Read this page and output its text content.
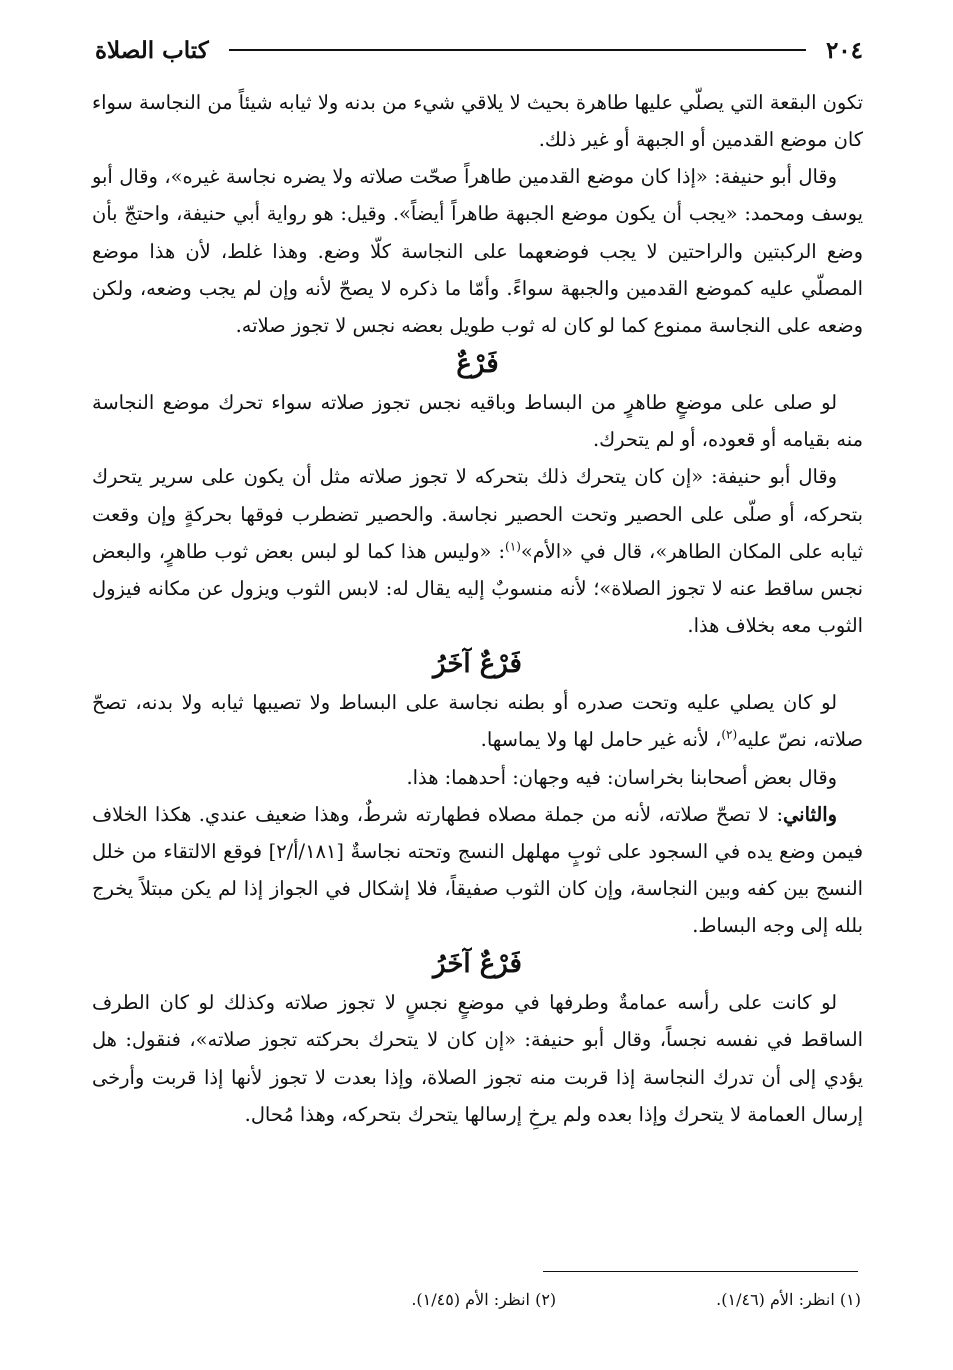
٢٠٤
كتاب الصلاة

تكون البقعة التي يصلّي عليها طاهرة بحيث لا يلاقي شيء من بدنه ولا ثيابه شيئاً من النجاسة سواء كان موضع القدمين أو الجبهة أو غير ذلك.

وقال أبو حنيفة: «إذا كان موضع القدمين طاهراً صحّت صلاته ولا يضره نجاسة غيره»، وقال أبو يوسف ومحمد: «يجب أن يكون موضع الجبهة طاهراً أيضاً». وقيل: هو رواية أبي حنيفة، واحتجّ بأن وضع الركبتين والراحتين لا يجب فوضعهما على النجاسة كلّا وضع. وهذا غلط، لأن هذا موضع المصلّي عليه كموضع القدمين والجبهة سواءً. وأمّا ما ذكره لا يصحّ لأنه وإن لم يجب وضعه، ولكن وضعه على النجاسة ممنوع كما لو كان له ثوب طويل بعضه نجس لا تجوز صلاته.

فَرْعٌ

لو صلى على موضعٍ طاهرٍ من البساط وباقيه نجس تجوز صلاته سواء تحرك موضع النجاسة منه بقيامه أو قعوده، أو لم يتحرك.

وقال أبو حنيفة: «إن كان يتحرك ذلك بتحركه لا تجوز صلاته مثل أن يكون على سرير يتحرك بتحركه، أو صلّى على الحصير وتحت الحصير نجاسة. والحصير تضطرب فوقها بحركةٍ وإن وقعت ثيابه على المكان الطاهر»، قال في «الأم»$^{(١)}$: «وليس هذا كما لو لبس بعض ثوب طاهرٍ، والبعض نجس ساقط عنه لا تجوز الصلاة»؛ لأنه منسوبٌ إليه يقال له: لابس الثوب ويزول عن مكانه فيزول الثوب معه بخلاف هذا.

فَرْعٌ آخَرُ

لو كان يصلي عليه وتحت صدره أو بطنه نجاسة على البساط ولا تصيبها ثيابه ولا بدنه، تصحّ صلاته، نصّ عليه$^{(٢)}$، لأنه غير حامل لها ولا يماسها.

وقال بعض أصحابنا بخراسان: فيه وجهان: أحدهما: هذا.

والثاني: لا تصحّ صلاته، لأنه من جملة مصلاه فطهارته شرطٌ، وهذا ضعيف عندي. هكذا الخلاف فيمن وضع يده في السجود على ثوبٍ مهلهل النسج وتحته نجاسةٌ [١٨١/أ/٢] فوقع الالتقاء من خلل النسج بين كفه وبين النجاسة، وإن كان الثوب صفيقاً، فلا إشكال في الجواز إذا لم يكن مبتلاً يخرج بلله إلى وجه البساط.

فَرْعٌ آخَرُ

لو كانت على رأسه عمامةٌ وطرفها في موضعٍ نجسٍ لا تجوز صلاته وكذلك لو كان الطرف الساقط في نفسه نجساً، وقال أبو حنيفة: «إن كان لا يتحرك بحركته تجوز صلاته»، فنقول: هل يؤدي إلى أن تدرك النجاسة إذا قربت منه تجوز الصلاة، وإذا بعدت لا تجوز لأنها إذا قربت وأرخى إرسال العمامة لا يتحرك وإذا بعده ولم يرخِ إرسالها يتحرك بتحركه، وهذا مُحال.

(١) انظر: الأم (١/٤٦).
(٢) انظر: الأم (١/٤٥).
